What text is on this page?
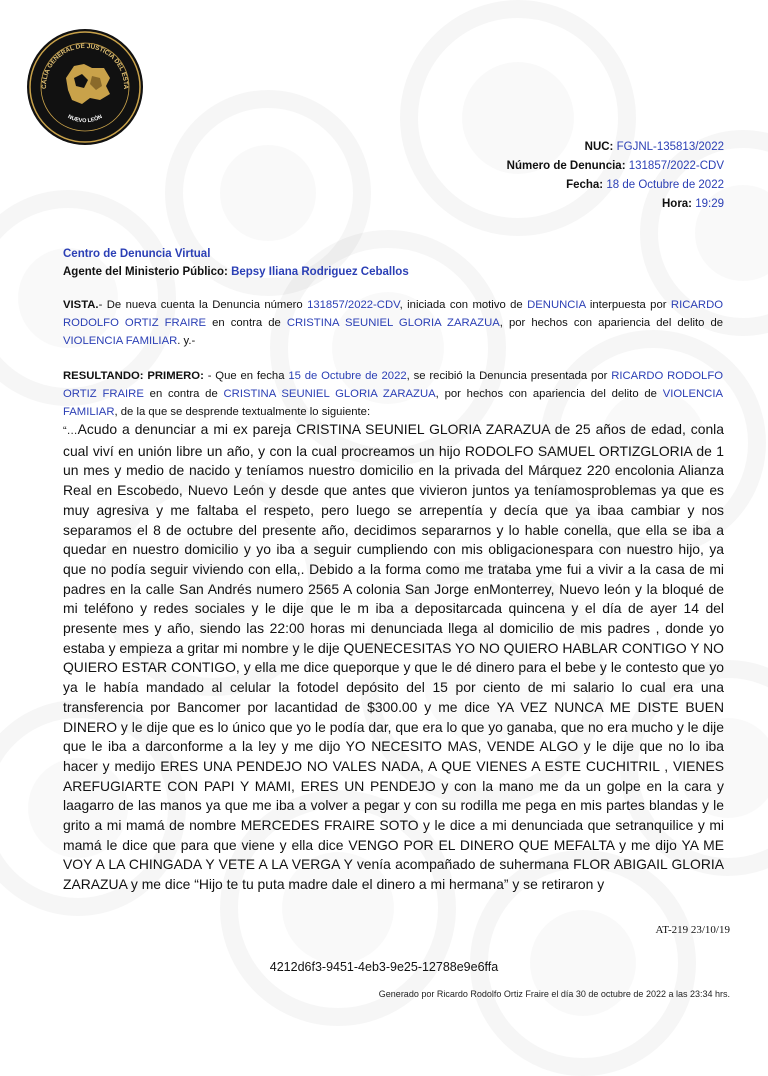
CALÍA GENERAL DE JUSTICIA DEL ESTA
NUEVO LEÓN
NUC: FGJNL-135813/2022
Número de Denuncia: 131857/2022-CDV
Fecha: 18 de Octubre de 2022
Hora: 19:29
Centro de Denuncia Virtual
Agente del Ministerio Público: Bepsy Iliana Rodriguez Ceballos
VISTA.- De nueva cuenta la Denuncia número 131857/2022-CDV, iniciada con motivo de DENUNCIA interpuesta por RICARDO RODOLFO ORTIZ FRAIRE en contra de CRISTINA SEUNIEL GLORIA ZARAZUA, por hechos con apariencia del delito de VIOLENCIA FAMILIAR. y.-
RESULTANDO: PRIMERO: - Que en fecha 15 de Octubre de 2022, se recibió la Denuncia presentada por RICARDO RODOLFO ORTIZ FRAIRE en contra de CRISTINA SEUNIEL GLORIA ZARAZUA, por hechos con apariencia del delito de VIOLENCIA FAMILIAR, de la que se desprende textualmente lo siguiente:
“…Acudo a denunciar a mi ex pareja CRISTINA SEUNIEL GLORIA ZARAZUA de 25 años de edad, conla cual viví en unión libre un año, y con la cual procreamos un hijo RODOLFO SAMUEL ORTIZGLORIA de 1 un mes y medio de nacido y teníamos nuestro domicilio en la privada del Márquez 220 encolonia Alianza Real en Escobedo, Nuevo León y desde que antes que vivieron juntos ya teníamosproblemas ya que es muy agresiva y me faltaba el respeto, pero luego se arrepentía y decía que ya ibaa cambiar y nos separamos el 8 de octubre del presente año, decidimos separarnos y lo hable conella, que ella se iba a quedar en nuestro domicilio y yo iba a seguir cumpliendo con mis obligacionespara con nuestro hijo, ya que no podía seguir viviendo con ella,. Debido a la forma como me trataba yme fui a vivir a la casa de mi padres en la calle San Andrés numero 2565 A colonia San Jorge enMonterrey, Nuevo león y la bloqué de mi teléfono y redes sociales y le dije que le m iba a depositarcada quincena y el día de ayer 14 del presente mes y año, siendo las 22:00 horas mi denunciada llega al domicilio de mis padres , donde yo estaba y empieza a gritar mi nombre y le dije QUENECESITAS YO NO QUIERO HABLAR CONTIGO Y NO QUIERO ESTAR CONTIGO, y ella me dice queporque y que le dé dinero para el bebe y le contesto que yo ya le había mandado al celular la fotodel depósito del 15 por ciento de mi salario lo cual era una transferencia por Bancomer por lacantidad de $300.00 y me dice YA VEZ NUNCA ME DISTE BUEN DINERO y le dije que es lo único que yo le podía dar, que era lo que yo ganaba, que no era mucho y le dije que le iba a darconforme a la ley y me dijo YO NECESITO MAS, VENDE ALGO y le dije que no lo iba hacer y medijo ERES UNA PENDEJO NO VALES NADA, A QUE VIENES A ESTE CUCHITRIL , VIENES AREFUGIARTE CON PAPI Y MAMI, ERES UN PENDEJO y con la mano me da un golpe en la cara y laagarro de las manos ya que me iba a volver a pegar y con su rodilla me pega en mis partes blandas y le grito a mi mamá de nombre MERCEDES FRAIRE SOTO y le dice a mi denunciada que setranquilice y mi mamá le dice que para que viene y ella dice VENGO POR EL DINERO QUE MEFALTA y me dijo YA ME VOY A LA CHINGADA Y VETE A LA VERGA Y venía acompañado de suhermana FLOR ABIGAIL GLORIA ZARAZUA y me dice “Hijo te tu puta madre dale el dinero a mi hermana” y se retiraron y
AT-219 23/10/19
4212d6f3-9451-4eb3-9e25-12788e9e6ffa
Generado por Ricardo Rodolfo Ortiz Fraire el día 30 de octubre de 2022 a las 23:34 hrs.
